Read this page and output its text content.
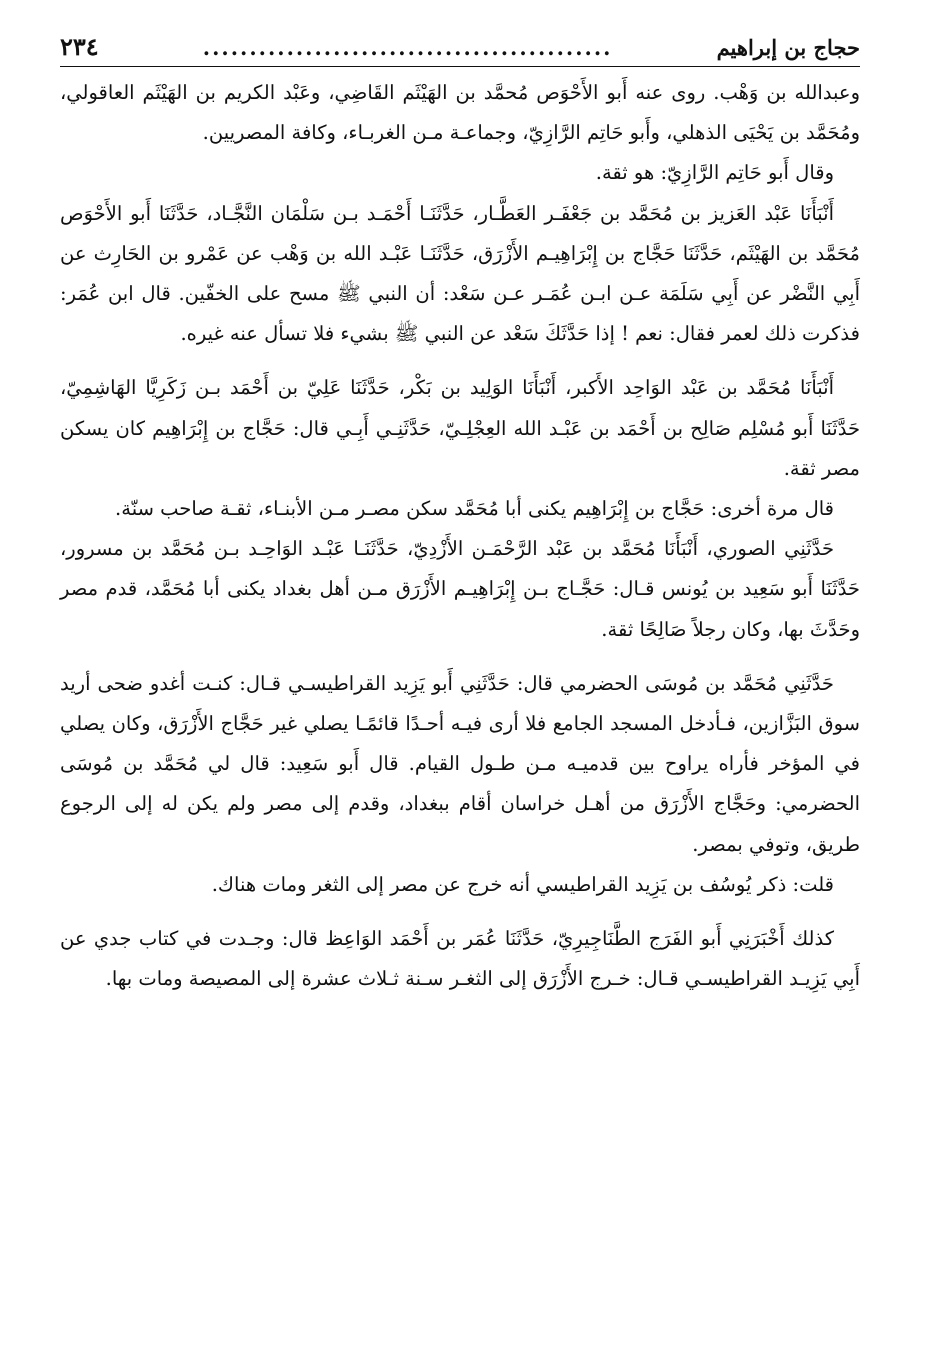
حجاج بن إبراهيم
............................................
٢٣٤

وعبدالله بن وَهْب. روى عنه أَبو الأَحْوَص مُحمَّد بن الهَيْثَم القَاضِي، وعَبْد الكريم بن الهَيْثَم العاقولي، ومُحَمَّد بن يَحْيَى الذهلي، وأَبو حَاتِم الرَّازِيّ، وجماعـة مـن الغربـاء، وكافة المصريين.

وقال أَبو حَاتِم الرَّازِيّ: هو ثقة.

أَنْبَأَنَا عَبْد العَزيز بن مُحَمَّد بن جَعْفَـر العَطَّـار، حَدَّثَنَـا أَحْمَـد بـن سَلْمَان النَّجَّـاد، حَدَّثَنَا أَبو الأَحْوَص مُحَمَّد بن الهَيْثَم، حَدَّثَنَا حَجَّاج بن إِبْرَاهِيـم الأَزْرَق، حَدَّثَنَـا عَبْـد الله بن وَهْب عن عَمْرو بن الحَارِث عن أَبِي النَّضْر عن أَبِي سَلَمَة عـن ابـن عُمَـر عـن سَعْد: أن النبي ﷺ مسح على الخفّين. قال ابن عُمَر: فذكرت ذلك لعمر فقال: نعم ! إذا حَدَّثَكَ سَعْد عن النبي ﷺ بشيء فلا تسأل عنه غيره.

أَنْبَأَنَا مُحَمَّد بن عَبْد الوَاحِد الأَكبر، أَنْبَأَنَا الوَلِيد بن بَكْر، حَدَّثَنَا عَلِيّ بن أَحْمَد بـن زَكَرِيَّا الهَاشِمِيّ، حَدَّثَنَا أَبو مُسْلِم صَالِح بن أَحْمَد بن عَبْـد الله العِجْلِـيّ، حَدَّثَنِـي أَبِـي قال: حَجَّاج بن إِبْرَاهِيم كان يسكن مصر ثقة.

قال مرة أخرى: حَجَّاج بن إِبْرَاهِيم يكنى أبا مُحَمَّد سكن مصـر مـن الأبنـاء، ثقـة صاحب سنّة.

حَدَّثَنِي الصوري، أَنْبَأَنَا مُحَمَّد بن عَبْد الرَّحْمَـن الأَزْدِيّ، حَدَّثَنَـا عَبْـد الوَاحِـد بـن مُحَمَّد بن مسرور، حَدَّثَنَا أَبو سَعِيد بن يُونس قـال: حَجَّـاج بـن إِبْرَاهِيـم الأَزْرَق مـن أهل بغداد يكنى أبا مُحَمَّد، قدم مصر وحَدَّثَ بها، وكان رجلاً صَالِحًا ثقة.

حَدَّثَنِي مُحَمَّد بن مُوسَى الحضرمي قال: حَدَّثَنِي أَبو يَزِيد القراطيسـي قـال: كنـت أغدو ضحى أريد سوق البَزَّازين، فـأدخل المسجد الجامع فلا أرى فيـه أحـدًا قائمًـا يصلي غير حَجَّاج الأَزْرَق، وكان يصلي في المؤخر فأراه يراوح بين قدميـه مـن طـول القيام. قال أَبو سَعِيد: قال لي مُحَمَّد بن مُوسَى الحضرمي: وحَجَّاج الأَزْرَق من أهـل خراسان أقام ببغداد، وقدم إلى مصر ولم يكن له إلى الرجوع طريق، وتوفي بمصر.

قلت: ذكر يُوسُف بن يَزِيد القراطيسي أنه خرج عن مصر إلى الثغر ومات هناك.

كذلك أَخْبَرَنِي أَبو الفَرَج الطَّنَاجِيرِيّ، حَدَّثَنَا عُمَر بن أَحْمَد الوَاعِظ قال: وجـدت في كتاب جدي عن أَبِي يَزِيـد القراطيسـي قـال: خـرج الأَزْرَق إلى الثغـر سـنة ثـلاث عشرة إلى المصيصة ومات بها.
